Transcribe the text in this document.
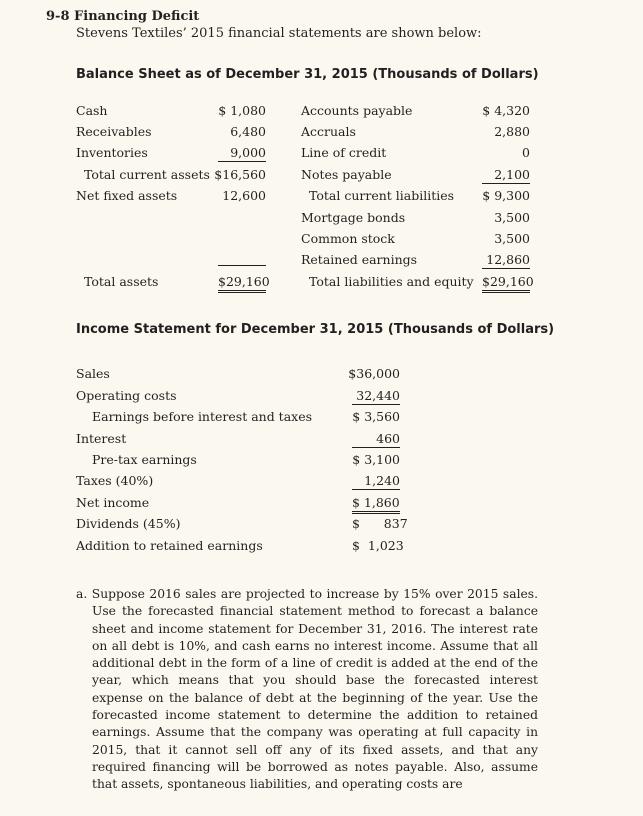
9-8 Financing Deficit
Stevens Textiles’ 2015 financial statements are shown below:
Balance Sheet as of December 31, 2015 (Thousands of Dollars)
Cash
Receivables
Inventories
Total current assets
Net fixed assets
Total assets
$ 1,080
6,480
9,000
$16,560
12,600
$29,160
Accounts payable
Accruals
Line of credit
Notes payable
Total current liabilities
Mortgage bonds
Common stock
Retained earnings
Total liabilities and equity
$ 4,320
2,880
0
2,100
$ 9,300
3,500
3,500
12,860
$29,160
Income Statement for December 31, 2015 (Thousands of Dollars)
Sales
Operating costs
Earnings before interest and taxes
Interest
Pre-tax earnings
Taxes (40%)
Net income
Dividends (45%)
Addition to retained earnings
$36,000
32,440
$ 3,560
460
$ 3,100
1,240
$ 1,860
$      837
$  1,023
a. Suppose 2016 sales are projected to increase by 15% over 2015 sales. Use the forecasted financial statement method to forecast a balance sheet and income statement for December 31, 2016. The interest rate on all debt is 10%, and cash earns no interest income. Assume that all additional debt in the form of a line of credit is added at the end of the year, which means that you should base the forecasted interest expense on the balance of debt at the beginning of the year. Use the forecasted income statement to determine the addition to retained earnings. Assume that the company was operating at full capacity in 2015, that it cannot sell off any of its fixed assets, and that any required financing will be borrowed as notes payable. Also, assume that assets, spontaneous liabilities, and operating costs are
